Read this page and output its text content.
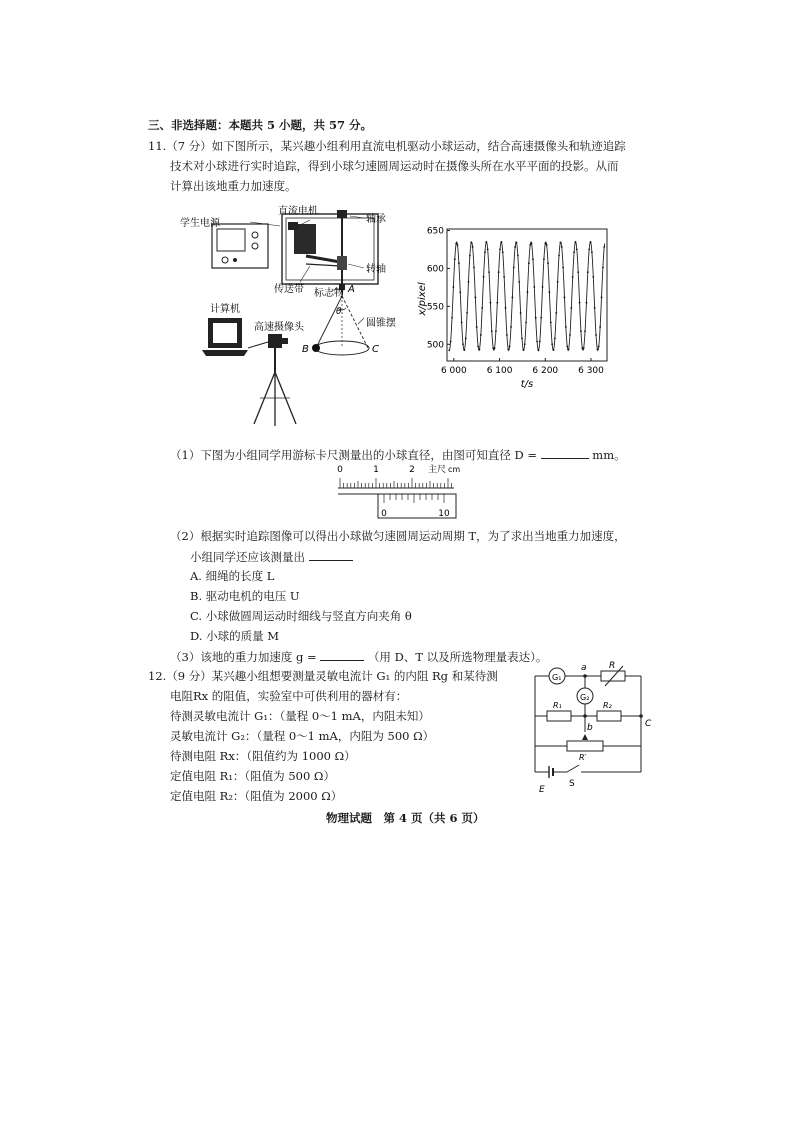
三、非选择题：本题共 5 小题，共 57 分。
11.（7 分）如下图所示，某兴趣小组利用直流电机驱动小球运动，结合高速摄像头和轨迹追踪
技术对小球进行实时追踪，得到小球匀速圆周运动时在摄像头所在水平平面的投影。从而
计算出该地重力加速度。
学生电源
直流电机
轴承
转轴
传送带 标志物 A
θ
圆锥摆
计算机
高速摄像头
B	C	500
550
600
650
6 000 6 100 6 200 6 300
x/pixel
t/s
（1）下图为小组同学用游标卡尺测量出的小球直径，由图可知直径 D =	mm。
主尺 cm
0	1	2
0	10
（2）根据实时追踪图像可以得出小球做匀速圆周运动周期 T，为了求出当地重力加速度，
小组同学还应该测量出
A. 细绳的长度 L
B. 驱动电机的电压 U
C. 小球做圆周运动时细线与竖直方向夹角 θ
D. 小球的质量 M
（3）该地的重力加速度 g =	（用 D、T 以及所选物理量表达）。
12.（9 分）某兴趣小组想要测量灵敏电流计 G₁ 的内阻 Rg 和某待测
电阻Rx 的阻值，实验室中可供利用的器材有：
待测灵敏电流计 G₁：（量程 0～1 mA，内阻未知）
灵敏电流计 G₂：（量程 0～1 mA，内阻为 500 Ω）
待测电阻 Rx：（阻值约为 1000 Ω）
定值电阻 R₁：（阻值为 500 Ω）
定值电阻 R₂：（阻值为 2000 Ω）
G₁
G₂
R
R₁	R₂
R′
a
b	C
E
S
物理试题　第 4 页（共 6 页）
